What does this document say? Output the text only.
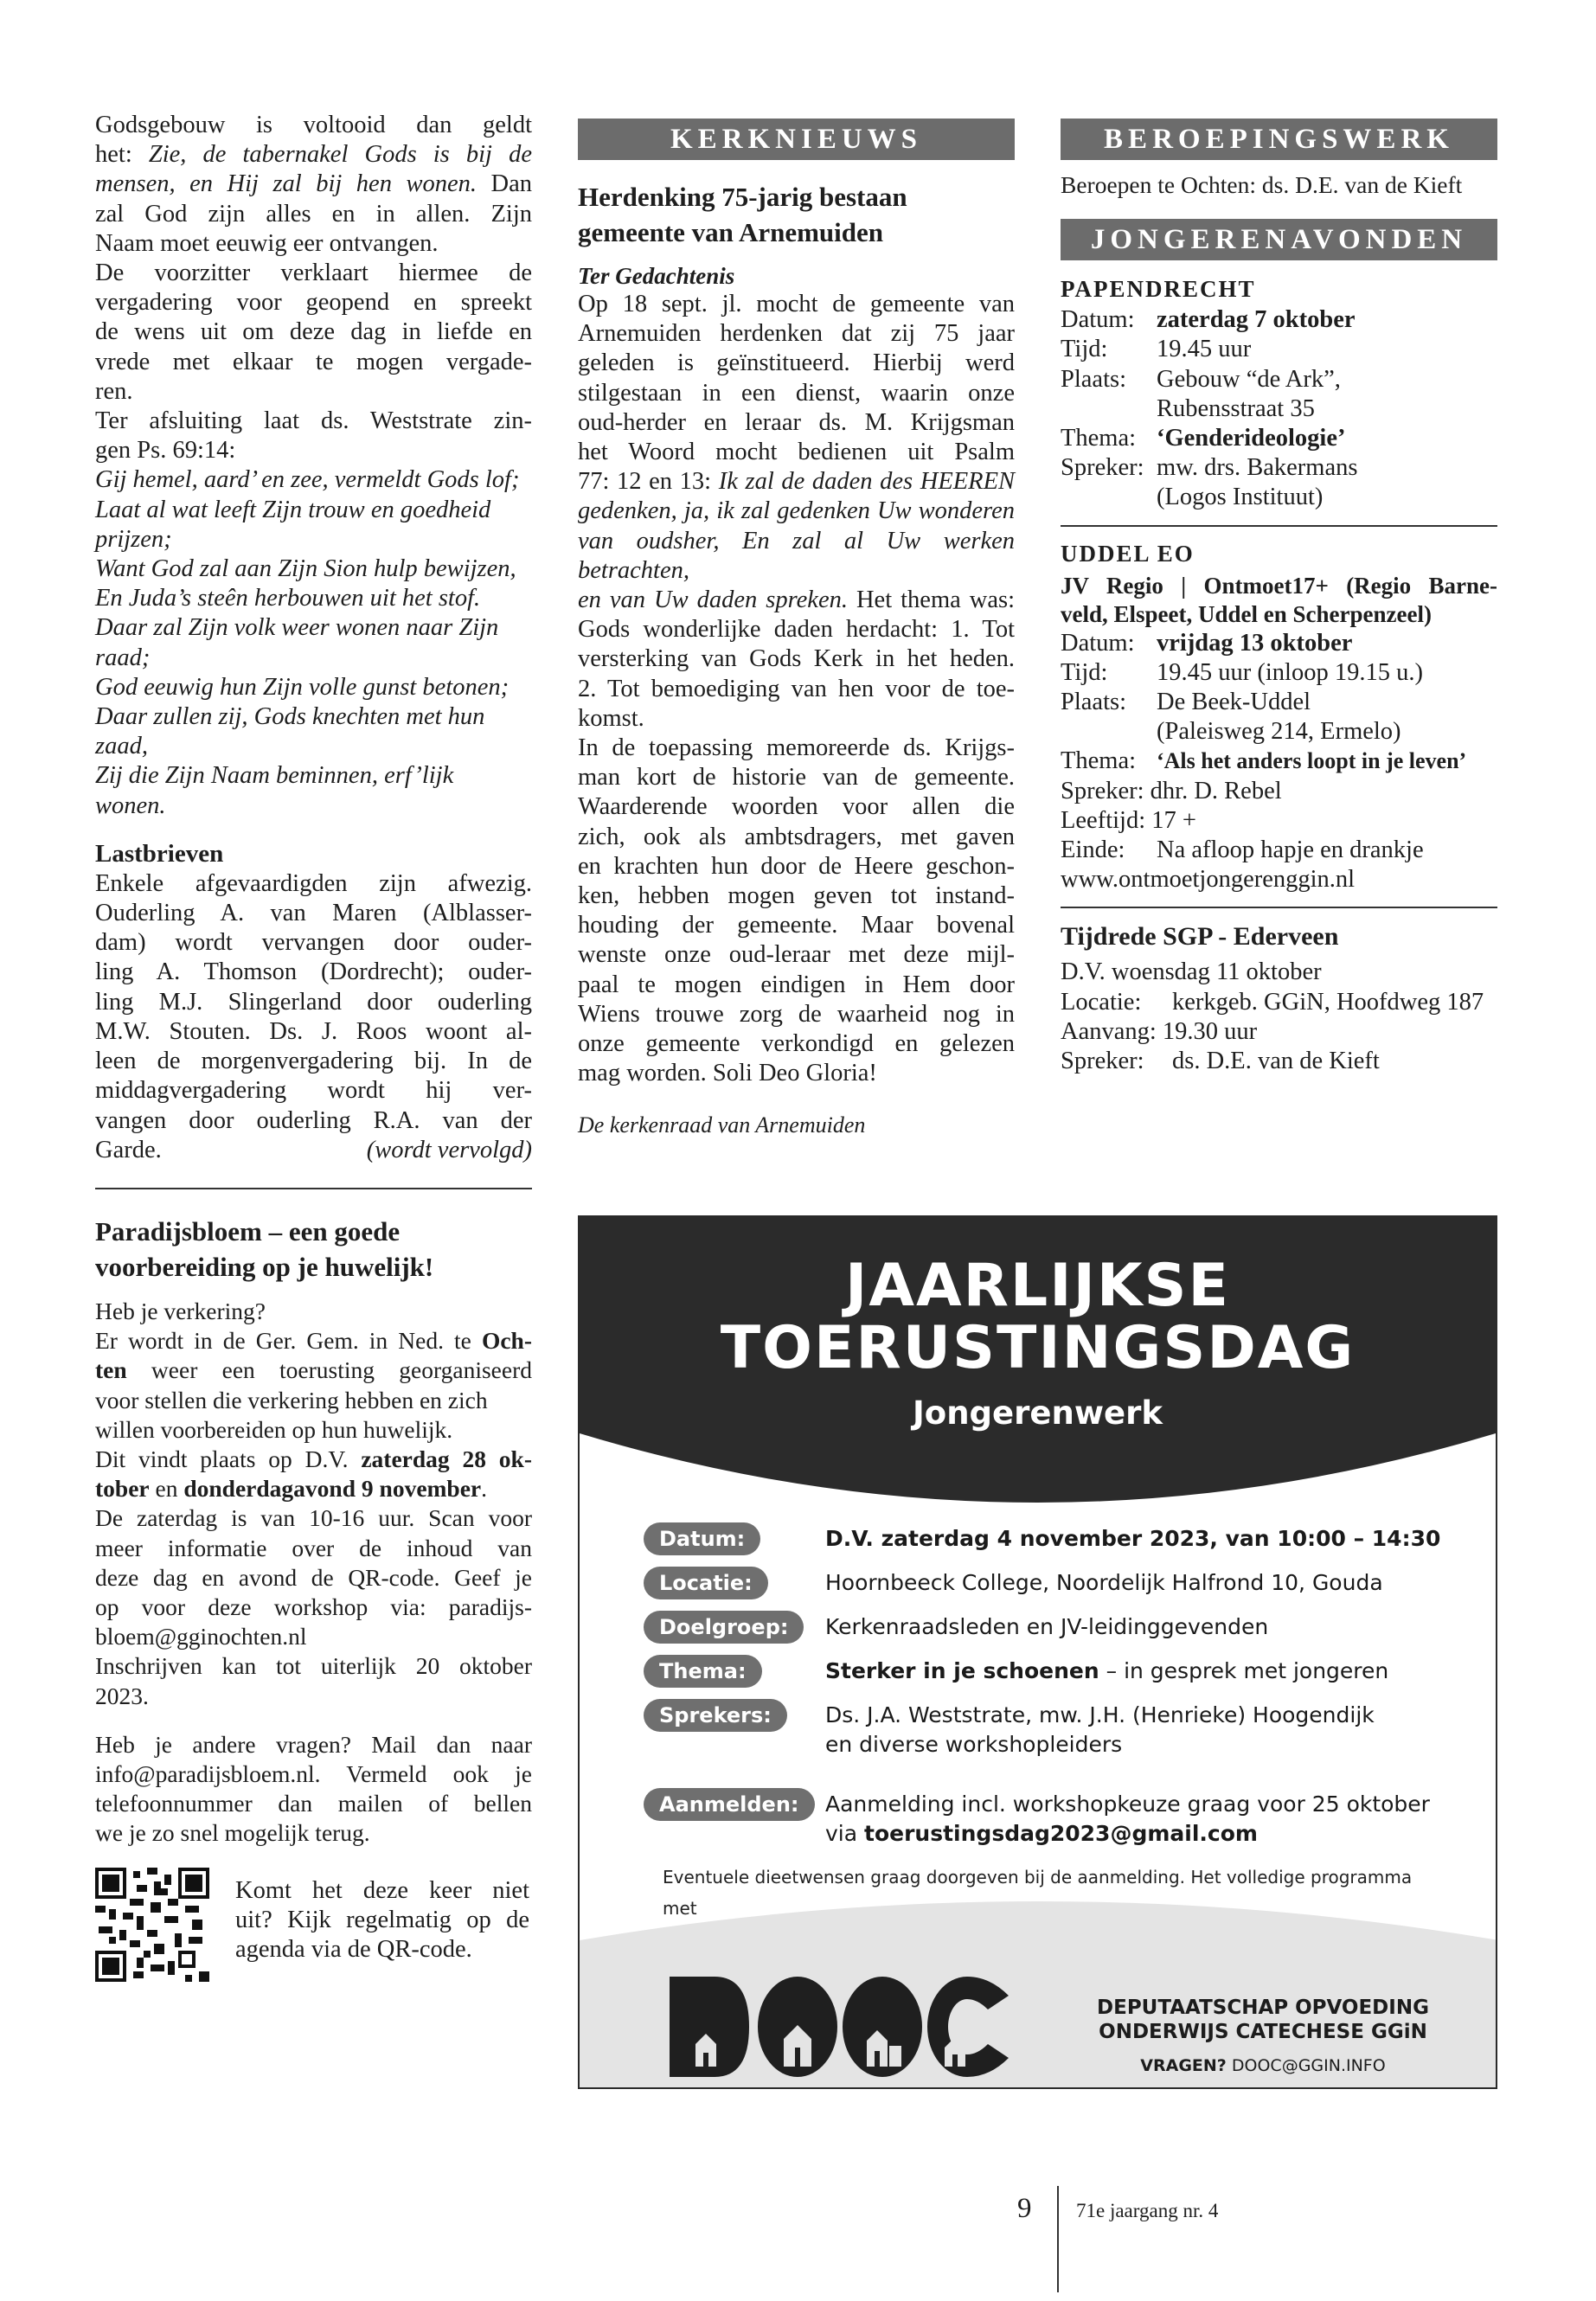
Godsgebouw is voltooid dan geldt
het: Zie, de tabernakel Gods is bij de
mensen, en Hij zal bij hen wonen. Dan
zal God zijn alles en in allen. Zijn
Naam moet eeuwig eer ontvangen.
De voorzitter verklaart hiermee de
vergadering voor geopend en spreekt
de wens uit om deze dag in liefde en
vrede met elkaar te mogen vergade-
ren.
Ter afsluiting laat ds. Weststrate zin-
gen Ps. 69:14:
Gij hemel, aard’ en zee, vermeldt Gods lof;
Laat al wat leeft Zijn trouw en goedheid
prijzen;
Want God zal aan Zijn Sion hulp bewijzen,
En Juda’s steên herbouwen uit het stof.
Daar zal Zijn volk weer wonen naar Zijn
raad;
God eeuwig hun Zijn volle gunst betonen;
Daar zullen zij, Gods knechten met hun
zaad,
Zij die Zijn Naam beminnen, erf’lijk
wonen.
Lastbrieven
Enkele afgevaardigden zijn afwezig.
Ouderling A. van Maren (Alblasser-
dam) wordt vervangen door ouder-
ling A. Thomson (Dordrecht); ouder-
ling M.J. Slingerland door ouderling
M.W. Stouten. Ds. J. Roos woont al-
leen de morgenvergadering bij. In de
middagvergadering wordt hij ver-
vangen door ouderling R.A. van der
Garde.	(wordt vervolgd)
Paradijsbloem – een goede
voorbereiding op je huwelijk!
Heb je verkering?
Er wordt in de Ger. Gem. in Ned. te Och-
ten weer een toerusting georganiseerd
voor stellen die verkering hebben en zich
willen voorbereiden op hun huwelijk.
Dit vindt plaats op D.V. zaterdag 28 ok-
tober en donderdagavond 9 november.
De zaterdag is van 10-16 uur. Scan voor
meer informatie over de inhoud van
deze dag en avond de QR-code. Geef je
op voor deze workshop via: paradijs-
bloem@gginochten.nl
Inschrijven kan tot uiterlijk 20 oktober
2023.
Heb je andere vragen? Mail dan naar
info@paradijsbloem.nl. Vermeld ook je
telefoonnummer dan mailen of bellen
we je zo snel mogelijk terug.
Komt het deze keer niet
uit? Kijk regelmatig op de
agenda via de QR-code.
KERKNIEUWS
Herdenking 75-jarig bestaan
gemeente van Arnemuiden
Ter Gedachtenis
Op 18 sept. jl. mocht de gemeente van
Arnemuiden herdenken dat zij 75 jaar
geleden is geïnstitueerd. Hierbij werd
stilgestaan in een dienst, waarin onze
oud-herder en leraar ds. M. Krijgsman
het Woord mocht bedienen uit Psalm
77: 12 en 13: Ik zal de daden des HEEREN
gedenken, ja, ik zal gedenken Uw wonderen
van oudsher, En zal al Uw werken betrachten,
en van Uw daden spreken. Het thema was:
Gods wonderlijke daden herdacht: 1. Tot
versterking van Gods Kerk in het heden.
2. Tot bemoediging van hen voor de toe-
komst.
In de toepassing memoreerde ds. Krijgs-
man kort de historie van de gemeente.
Waarderende woorden voor allen die
zich, ook als ambtsdragers, met gaven
en krachten hun door de Heere geschon-
ken, hebben mogen geven tot instand-
houding der gemeente. Maar bovenal
wenste onze oud-leraar met deze mijl-
paal te mogen eindigen in Hem door
Wiens trouwe zorg de waarheid nog in
onze gemeente verkondigd en gelezen
mag worden. Soli Deo Gloria!
De kerkenraad van Arnemuiden
BEROEPINGSWERK
Beroepen te Ochten: ds. D.E. van de Kieft
JONGERENAVONDEN
PAPENDRECHT
Datum: zaterdag 7 oktober
Tijd:	19.45 uur
Plaats:	Gebouw “de Ark”,
Rubensstraat 35
Thema: ‘Genderideologie’
Spreker: mw. drs. Bakermans
(Logos Instituut)
UDDEL EO
JV Regio | Ontmoet17+ (Regio Barne-
veld, Elspeet, Uddel en Scherpenzeel)
Datum: vrijdag 13 oktober
Tijd:	19.45 uur (inloop 19.15 u.)
Plaats:	De Beek-Uddel
(Paleisweg 214, Ermelo)
Thema: ‘Als het anders loopt in je leven’
Spreker: dhr. D. Rebel
Leeftijd: 17 +
Einde:	Na afloop hapje en drankje
www.ontmoetjongerenggin.nl
Tijdrede SGP - Ederveen
D.V. woensdag 11 oktober
Locatie:	kerkgeb. GGiN, Hoofdweg 187
Aanvang: 19.30 uur
Spreker:	ds. D.E. van de Kieft
JAARLIJKSE
TOERUSTINGSDAG
Jongerenwerk
Datum:	D.V. zaterdag 4 november 2023, van 10:00 – 14:30
Locatie:	Hoornbeeck College, Noordelijk Halfrond 10, Gouda
Doelgroep:	Kerkenraadsleden en JV-leidinggevenden
Thema:	Sterker in je schoenen – in gesprek met jongeren
Sprekers:	Ds. J.A. Weststrate, mw. J.H. (Henrieke) Hoogendijk
en diverse workshopleiders
Aanmelden:	Aanmelding incl. workshopkeuze graag voor 25 oktober
via toerustingsdag2023@gmail.com
Eventuele dieetwensen graag doorgeven bij de aanmelding. Het volledige programma met
DEPUTAATSCHAP OPVOEDING
ONDERWIJS CATECHESE GGiN
VRAGEN? DOOC@GGIN.INFO
9 71e jaargang nr. 4
